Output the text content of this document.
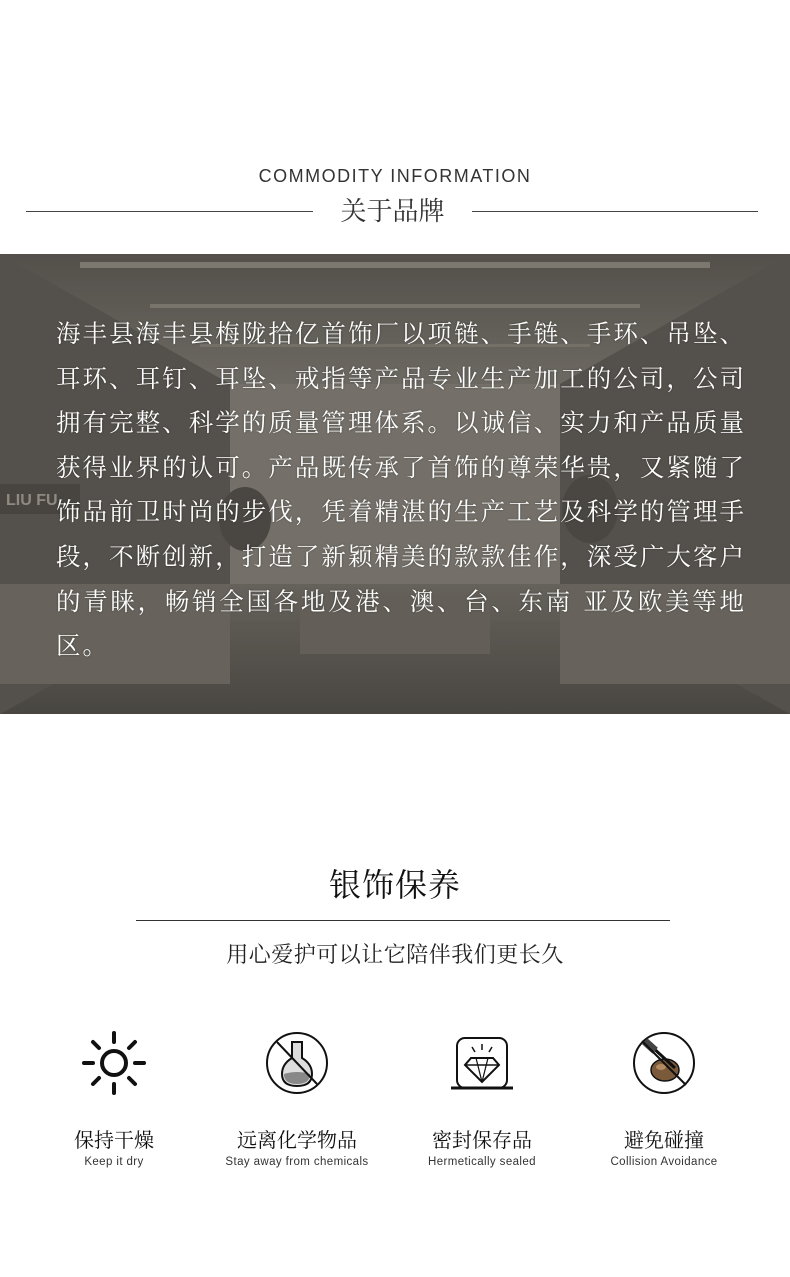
COMMODITY INFORMATION
关于品牌
LIU FU
海丰县海丰县梅陇拾亿首饰厂以项链、手链、手环、吊坠、耳环、耳钉、耳坠、戒指等产品专业生产加工的公司，公司拥有完整、科学的质量管理体系。以诚信、实力和产品质量获得业界的认可。产品既传承了首饰的尊荣华贵，又紧随了饰品前卫时尚的步伐，凭着精湛的生产工艺及科学的管理手段，不断创新，打造了新颖精美的款款佳作，深受广大客户的青睐，畅销全国各地及港、澳、台、东南 亚及欧美等地区。
银饰保养
用心爱护可以让它陪伴我们更长久
保持干燥
Keep it dry
远离化学物品
Stay away from chemicals
密封保存品
Hermetically sealed
避免碰撞
Collision Avoidance
